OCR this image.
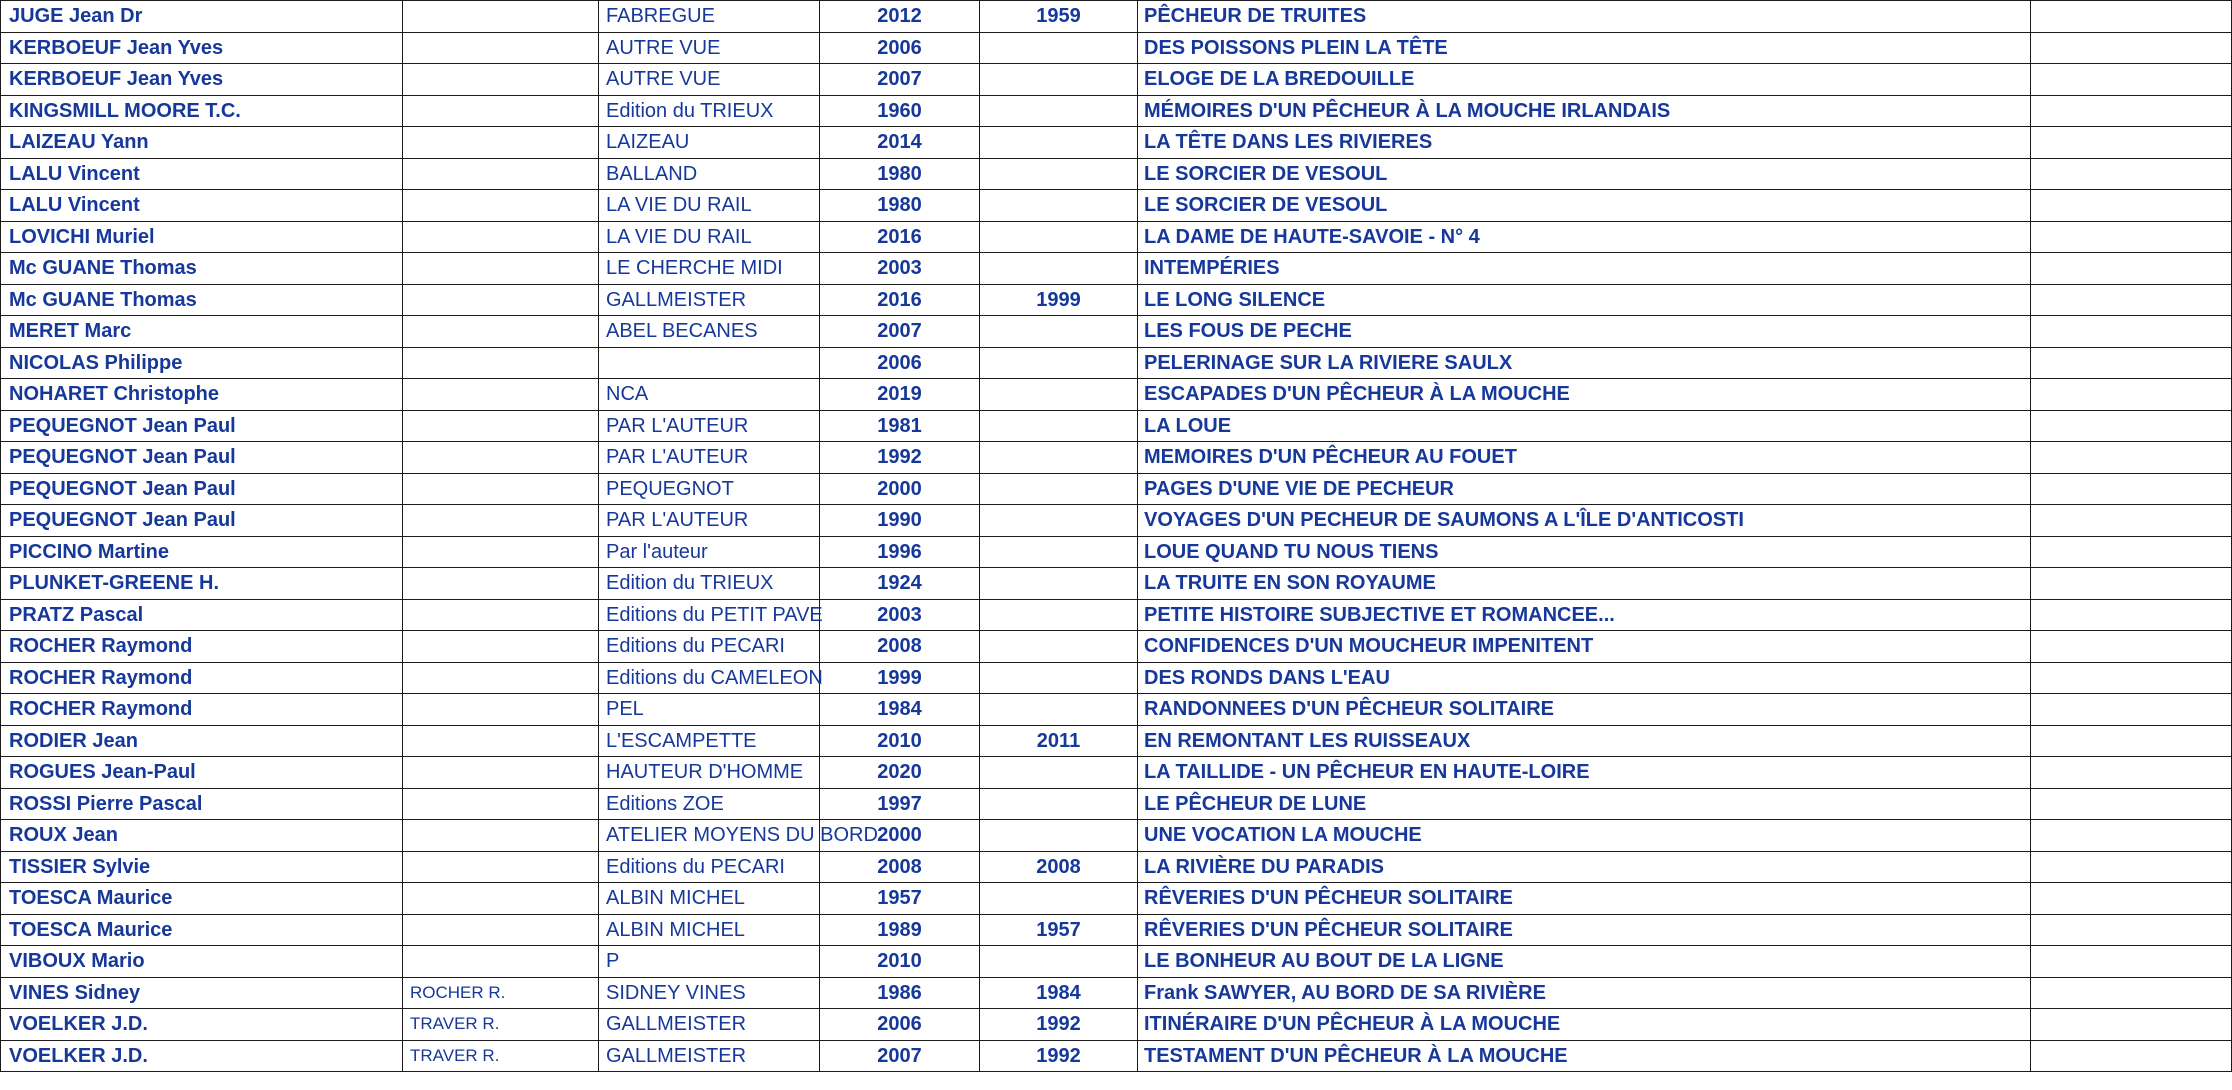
JUGE Jean Dr		FABREGUE	2012	1959	PÊCHEUR DE TRUITES	
KERBOEUF Jean Yves		AUTRE VUE	2006		DES POISSONS PLEIN LA TÊTE	
KERBOEUF Jean Yves		AUTRE VUE	2007		ELOGE DE LA BREDOUILLE	
KINGSMILL MOORE T.C.		Edition du TRIEUX	1960		MÉMOIRES D'UN PÊCHEUR À LA MOUCHE IRLANDAIS	
LAIZEAU Yann		LAIZEAU	2014		LA TÊTE DANS LES RIVIERES	
LALU Vincent		BALLAND	1980		LE SORCIER DE VESOUL	
LALU Vincent		LA VIE DU RAIL	1980		LE SORCIER DE VESOUL	
LOVICHI Muriel		LA VIE DU RAIL	2016		LA DAME DE HAUTE-SAVOIE - N° 4	
Mc GUANE Thomas		LE CHERCHE MIDI	2003		INTEMPÉRIES	
Mc GUANE Thomas		GALLMEISTER	2016	1999	LE LONG SILENCE	
MERET Marc		ABEL BECANES	2007		LES FOUS DE PECHE	
NICOLAS Philippe			2006		PELERINAGE SUR LA RIVIERE SAULX	
NOHARET Christophe		NCA	2019		ESCAPADES D'UN PÊCHEUR À LA MOUCHE	
PEQUEGNOT Jean Paul		PAR L'AUTEUR	1981		LA LOUE	
PEQUEGNOT Jean Paul		PAR L'AUTEUR	1992		MEMOIRES D'UN PÊCHEUR AU FOUET	
PEQUEGNOT Jean Paul		PEQUEGNOT	2000		PAGES D'UNE VIE DE PECHEUR	
PEQUEGNOT Jean Paul		PAR L'AUTEUR	1990		VOYAGES D'UN PECHEUR DE SAUMONS A L'ÎLE D'ANTICOSTI	
PICCINO Martine		Par l'auteur	1996		LOUE QUAND TU NOUS TIENS	
PLUNKET-GREENE H.		Edition du TRIEUX	1924		LA TRUITE EN SON ROYAUME	
PRATZ Pascal		Editions du PETIT PAVE	2003		PETITE HISTOIRE SUBJECTIVE ET ROMANCEE...	
ROCHER Raymond		Editions du PECARI	2008		CONFIDENCES D'UN MOUCHEUR IMPENITENT	
ROCHER Raymond		Editions du CAMELEON	1999		DES RONDS DANS L'EAU	
ROCHER Raymond		PEL	1984		RANDONNEES D'UN PÊCHEUR SOLITAIRE	
RODIER Jean		L'ESCAMPETTE	2010	2011	EN REMONTANT LES RUISSEAUX	
ROGUES Jean-Paul		HAUTEUR D'HOMME	2020		LA TAILLIDE - UN PÊCHEUR EN HAUTE-LOIRE	
ROSSI Pierre Pascal		Editions ZOE	1997		LE PÊCHEUR DE LUNE	
ROUX Jean		ATELIER MOYENS DU BORD	2000		UNE VOCATION LA MOUCHE	
TISSIER Sylvie		Editions du PECARI	2008	2008	LA RIVIÈRE DU PARADIS	
TOESCA Maurice		ALBIN MICHEL	1957		RÊVERIES D'UN PÊCHEUR SOLITAIRE	
TOESCA Maurice		ALBIN MICHEL	1989	1957	RÊVERIES D'UN PÊCHEUR SOLITAIRE	
VIBOUX Mario		P	2010		LE BONHEUR AU BOUT DE LA LIGNE	
VINES Sidney	ROCHER R.	SIDNEY VINES	1986	1984	Frank SAWYER, AU BORD DE SA RIVIÈRE	
VOELKER J.D.	TRAVER R.	GALLMEISTER	2006	1992	ITINÉRAIRE D'UN PÊCHEUR À LA MOUCHE	
VOELKER J.D.	TRAVER R.	GALLMEISTER	2007	1992	TESTAMENT D'UN PÊCHEUR À LA MOUCHE	
